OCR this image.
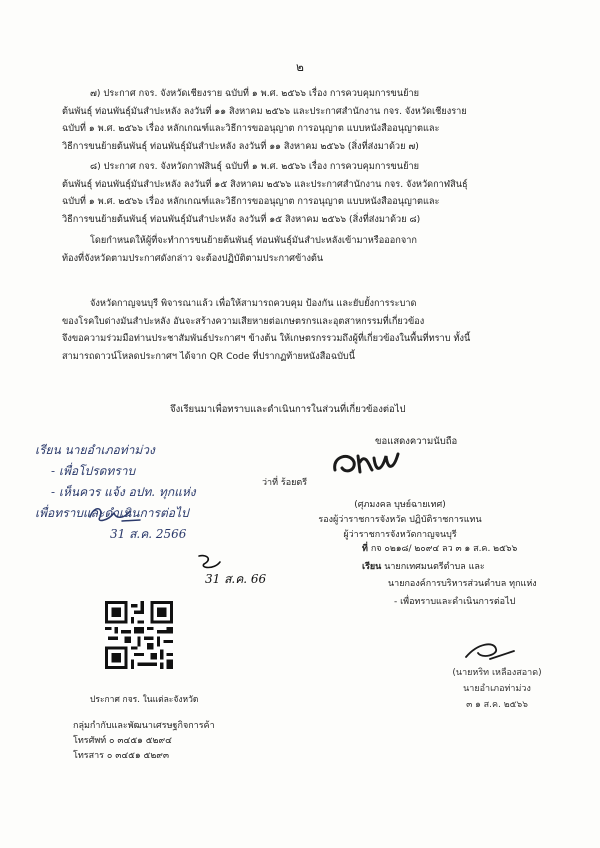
๒
๗) ประกาศ กจร. จังหวัดเชียงราย ฉบับที่ ๑ พ.ศ. ๒๕๖๖ เรื่อง การควบคุมการขนย้าย
ต้นพันธุ์ ท่อนพันธุ์มันสำปะหลัง ลงวันที่ ๑๑ สิงหาคม ๒๕๖๖ และประกาศสำนักงาน กจร. จังหวัดเชียงราย
ฉบับที่ ๑ พ.ศ. ๒๕๖๖ เรื่อง หลักเกณฑ์และวิธีการขออนุญาต การอนุญาต แบบหนังสืออนุญาตและ
วิธีการขนย้ายต้นพันธุ์ ท่อนพันธุ์มันสำปะหลัง ลงวันที่ ๑๑ สิงหาคม ๒๕๖๖ (สิ่งที่ส่งมาด้วย ๗)
๘) ประกาศ กจร. จังหวัดกาฬสินธุ์ ฉบับที่ ๑ พ.ศ. ๒๕๖๖ เรื่อง การควบคุมการขนย้าย
ต้นพันธุ์ ท่อนพันธุ์มันสำปะหลัง ลงวันที่ ๑๕ สิงหาคม ๒๕๖๖ และประกาศสำนักงาน กจร. จังหวัดกาฬสินธุ์
ฉบับที่ ๑ พ.ศ. ๒๕๖๖ เรื่อง หลักเกณฑ์และวิธีการขออนุญาต การอนุญาต แบบหนังสืออนุญาตและ
วิธีการขนย้ายต้นพันธุ์ ท่อนพันธุ์มันสำปะหลัง ลงวันที่ ๑๕ สิงหาคม ๒๕๖๖ (สิ่งที่ส่งมาด้วย ๘)
โดยกำหนดให้ผู้ที่จะทำการขนย้ายต้นพันธุ์ ท่อนพันธุ์มันสำปะหลังเข้ามาหรือออกจาก
ท้องที่จังหวัดตามประกาศดังกล่าว จะต้องปฏิบัติตามประกาศข้างต้น
จังหวัดกาญจนบุรี พิจารณาแล้ว เพื่อให้สามารถควบคุม ป้องกัน และยับยั้งการระบาด
ของโรคใบด่างมันสำปะหลัง อันจะสร้างความเสียหายต่อเกษตรกรและอุตสาหกรรมที่เกี่ยวข้อง
จึงขอความร่วมมือท่านประชาสัมพันธ์ประกาศฯ ข้างต้น ให้เกษตรกรรวมถึงผู้ที่เกี่ยวข้องในพื้นที่ทราบ ทั้งนี้
สามารถดาวน์โหลดประกาศฯ ได้จาก QR Code ที่ปรากฏท้ายหนังสือฉบับนี้
จึงเรียนมาเพื่อทราบและดำเนินการในส่วนที่เกี่ยวข้องต่อไป
ขอแสดงความนับถือ
ว่าที่ ร้อยตรี
(ศุภมงคล บุษย์ฉายเทศ)
รองผู้ว่าราชการจังหวัด ปฏิบัติราชการแทน
ผู้ว่าราชการจังหวัดกาญจนบุรี
เรียน นายอำเภอท่าม่วง
- เพื่อโปรดทราบ
- เห็นควร แจ้ง อปท. ทุกแห่ง
เพื่อทราบและดำเนินการต่อไป
31 ส.ค. 2566
31 ส.ค. 66
ประกาศ กจร. ในแต่ละจังหวัด
กลุ่มกำกับและพัฒนาเศรษฐกิจการค้า
โทรศัพท์ ๐ ๓๔๕๑ ๕๒๙๔
โทรสาร ๐ ๓๔๕๑ ๕๒๙๓
ที่ กจ ๐๒๑๘/ ๒๐๙๔ ลว ๓ ๑ ส.ค. ๒๕๖๖
เรียน นายกเทศมนตรีตำบล และ
นายกองค์การบริหารส่วนตำบล ทุกแห่ง
- เพื่อทราบและดำเนินการต่อไป
(นายหริท เหลืองสอาด)
นายอำเภอท่าม่วง
๓ ๑ ส.ค. ๒๕๖๖
